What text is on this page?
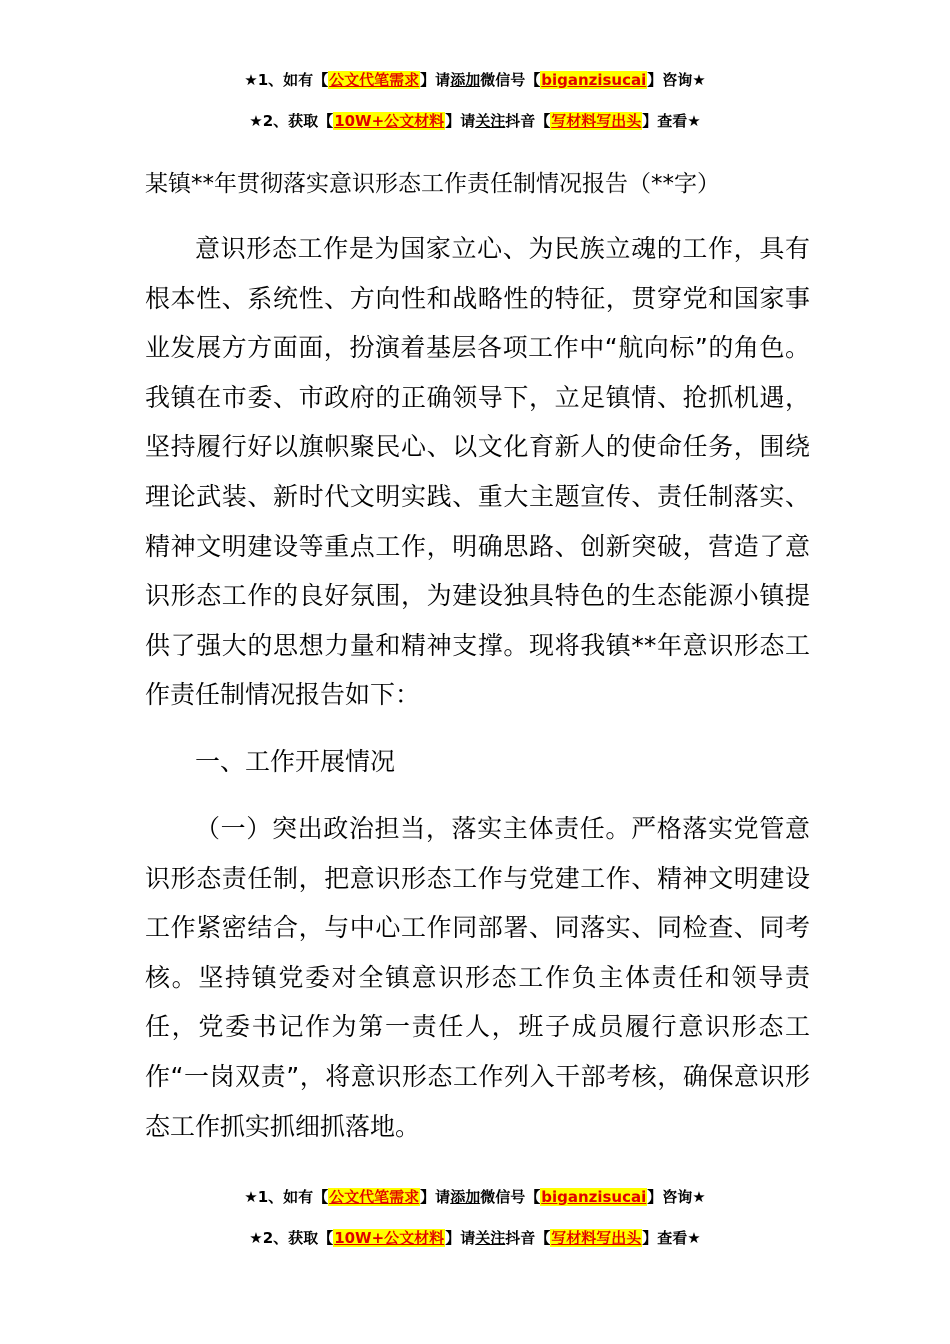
★1、如有【公文代笔需求】请添加微信号【biganzisucai】咨询★
★2、获取【10W+公文材料】请关注抖音【写材料写出头】查看★
某镇**年贯彻落实意识形态工作责任制情况报告（**字）
意识形态工作是为国家立心、为民族立魂的工作，具有根本性、系统性、方向性和战略性的特征，贯穿党和国家事业发展方方面面，扮演着基层各项工作中“航向标”的角色。我镇在市委、市政府的正确领导下，立足镇情、抢抓机遇，坚持履行好以旗帜聚民心、以文化育新人的使命任务，围绕理论武装、新时代文明实践、重大主题宣传、责任制落实、精神文明建设等重点工作，明确思路、创新突破，营造了意识形态工作的良好氛围，为建设独具特色的生态能源小镇提供了强大的思想力量和精神支撑。现将我镇**年意识形态工作责任制情况报告如下：
一、工作开展情况
（一）突出政治担当，落实主体责任。严格落实党管意识形态责任制，把意识形态工作与党建工作、精神文明建设工作紧密结合，与中心工作同部署、同落实、同检查、同考核。坚持镇党委对全镇意识形态工作负主体责任和领导责任，党委书记作为第一责任人，班子成员履行意识形态工作“一岗双责”，将意识形态工作列入干部考核，确保意识形态工作抓实抓细抓落地。
★1、如有【公文代笔需求】请添加微信号【biganzisucai】咨询★
★2、获取【10W+公文材料】请关注抖音【写材料写出头】查看★
